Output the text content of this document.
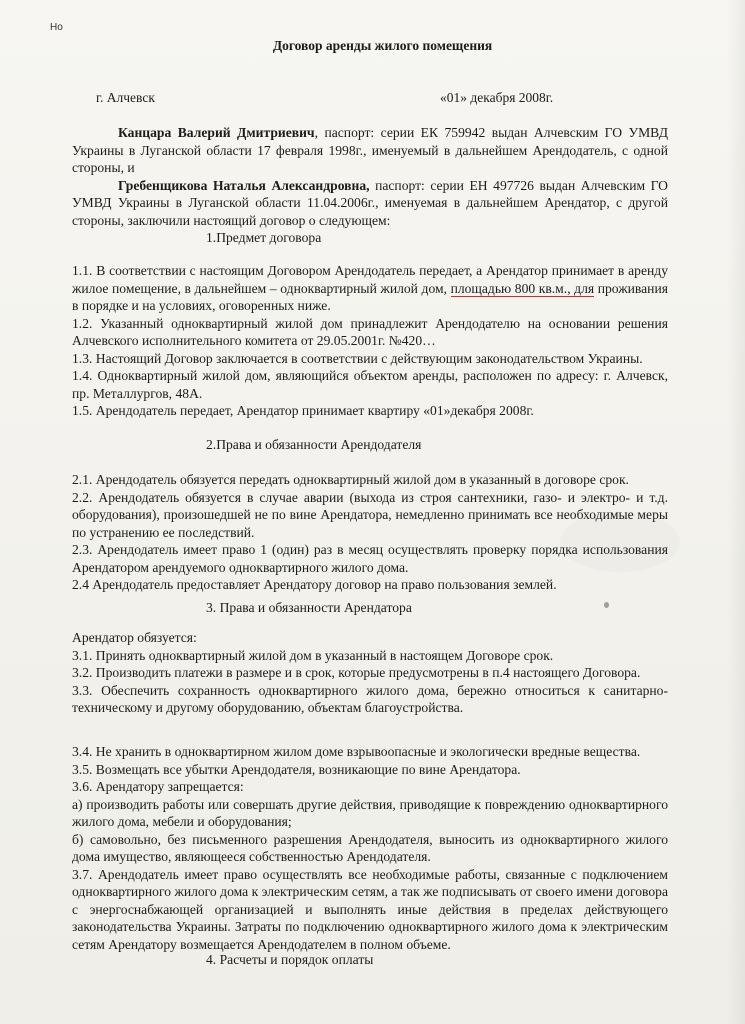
Но
Договор аренды жилого помещения
г. Алчевск	«01» декабря 2008г.

Канцара Валерий Дмитриевич, паспорт: серии ЕК 759942 выдан Алчевским ГО УМВД Украины в Луганской области 17 февраля 1998г., именуемый в дальнейшем Арендодатель, с одной стороны, и

Гребенщикова Наталья Александровна, паспорт: серии ЕН 497726 выдан Алчевским ГО УМВД Украины в Луганской области 11.04.2006г., именуемая в дальнейшем Арендатор, с другой стороны, заключили настоящий договор о следующем:

1.Предмет договора

1.1. В соответствии с настоящим Договором Арендодатель передает, а Арендатор принимает в аренду жилое помещение, в дальнейшем – одноквартирный жилой дом, площадью 800 кв.м., для проживания в порядке и на условиях, оговоренных ниже.

1.2. Указанный одноквартирный жилой дом принадлежит Арендодателю на основании решения Алчевского исполнительного комитета от 29.05.2001г. №420…

1.3. Настоящий Договор заключается в соответствии с действующим законодательством Украины.

1.4. Одноквартирный жилой дом, являющийся объектом аренды, расположен по адресу: г. Алчевск, пр. Металлургов, 48А.

1.5. Арендодатель передает, Арендатор принимает квартиру «01»декабря 2008г.

2.Права и обязанности Арендодателя

2.1. Арендодатель обязуется передать одноквартирный жилой дом в указанный в договоре срок.

2.2. Арендодатель обязуется в случае аварии (выхода из строя сантехники, газо- и электро- и т.д. оборудования), произошедшей не по вине Арендатора, немедленно принимать все необходимые меры по устранению ее последствий.

2.3. Арендодатель имеет право 1 (один) раз в месяц осуществлять проверку порядка использования Арендатором арендуемого одноквартирного жилого дома.

2.4 Арендодатель предоставляет Арендатору договор на право пользования землей.

3. Права и обязанности Арендатора

Арендатор обязуется:

3.1. Принять одноквартирный жилой дом в указанный в настоящем Договоре срок.

3.2. Производить платежи в размере и в срок, которые предусмотрены в п.4 настоящего Договора.

3.3. Обеспечить сохранность одноквартирного жилого дома, бережно относиться к санитарно-техническому и другому оборудованию, объектам благоустройства.

3.4. Не хранить в одноквартирном жилом доме взрывоопасные и экологически вредные вещества.

3.5. Возмещать все убытки Арендодателя, возникающие по вине Арендатора.

3.6. Арендатору запрещается:

а) производить работы или совершать другие действия, приводящие к повреждению одноквартирного жилого дома, мебели и оборудования;

б) самовольно, без письменного разрешения Арендодателя, выносить из одноквартирного жилого дома имущество, являющееся собственностью Арендодателя.

3.7. Арендодатель имеет право осуществлять все необходимые работы, связанные с подключением одноквартирного жилого дома к электрическим сетям, а так же подписывать от своего имени договора с энергоснабжающей организацией и выполнять иные действия в пределах действующего законодательства Украины. Затраты по подключению одноквартирного жилого дома к электрическим сетям Арендатору возмещается Арендодателем в полном объеме.

4. Расчеты и порядок оплаты
